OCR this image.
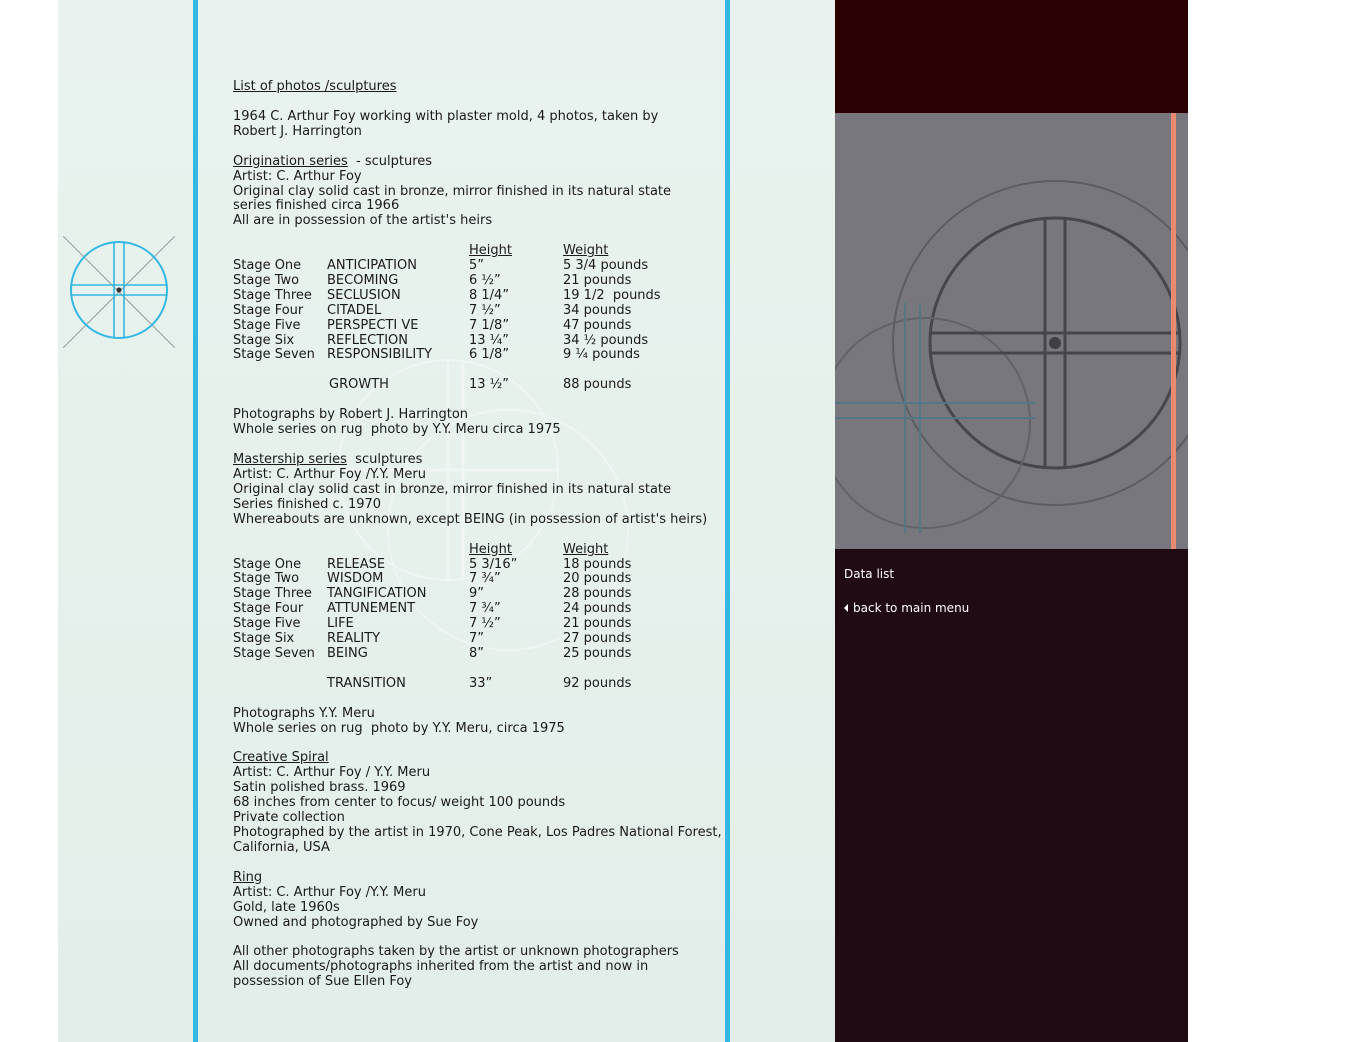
List of photos /sculptures
1964 C. Arthur Foy working with plaster mold, 4 photos, taken by
Robert J. Harrington
Origination series  - sculptures
Artist: C. Arthur Foy
Original clay solid cast in bronze, mirror finished in its natural state
series finished circa 1966
All are in possession of the artist's heirs
Height	Weight
Stage One ANTICIPATION	5”	5 3/4 pounds
Stage Two BECOMING	6 ½”	21 pounds
Stage Three SECLUSION	8 1/4”	19 1/2  pounds
Stage Four CITADEL	7 ½”	34 pounds
Stage Five PERSPECTI VE	7 1/8”	47 pounds
Stage Six	REFLECTION	13 ¼”	34 ½ pounds
Stage Seven RESPONSIBILITY	6 1/8”	9 ¼ pounds
GROWTH	13 ½”	88 pounds
Photographs by Robert J. Harrington
Whole series on rug  photo by Y.Y. Meru circa 1975
Mastership series  sculptures
Artist: C. Arthur Foy /Y.Y. Meru
Original clay solid cast in bronze, mirror finished in its natural state
Series finished c. 1970
Whereabouts are unknown, except BEING (in possession of artist's heirs)
Height	Weight
Stage One RELEASE	5 3/16”	18 pounds
Stage Two WISDOM	7 ¾”	20 pounds
Stage Three TANGIFICATION	9”	28 pounds
Stage Four ATTUNEMENT	7 ¾”	24 pounds
Stage Five LIFE	7 ½”	21 pounds
Stage Six	REALITY	7”	27 pounds
Stage Seven BEING	8”	25 pounds
TRANSITION	33”	92 pounds
Photographs Y.Y. Meru
Whole series on rug  photo by Y.Y. Meru, circa 1975
Creative Spiral
Artist: C. Arthur Foy / Y.Y. Meru
Satin polished brass. 1969
68 inches from center to focus/ weight 100 pounds
Private collection
Photographed by the artist in 1970, Cone Peak, Los Padres National Forest,
California, USA
Ring
Artist: C. Arthur Foy /Y.Y. Meru
Gold, late 1960s
Owned and photographed by Sue Foy
All other photographs taken by the artist or unknown photographers
All documents/photographs inherited from the artist and now in
possession of Sue Ellen Foy
Data list
back to main menu
